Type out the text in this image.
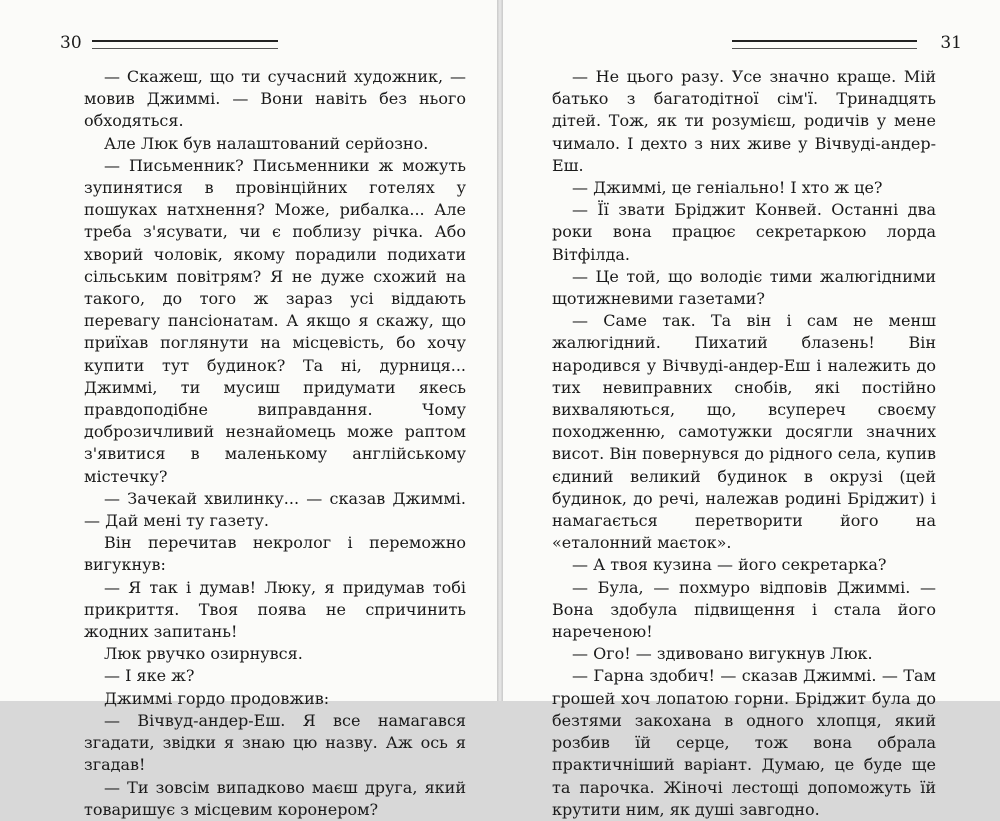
30

— Скажеш, що ти сучасний художник, — мовив Джиммі. — Вони навіть без нього обходяться.

Але Люк був налаштований серйозно.

— Письменник? Письменники ж можуть зупинятися в провінційних готелях у пошуках натхнення? Може, рибалка... Але треба з'ясувати, чи є поблизу річка. Або хворий чоловік, якому порадили подихати сільським повітрям? Я не дуже схожий на такого, до того ж зараз усі віддають перевагу пансіонатам. А якщо я скажу, що приїхав поглянути на місцевість, бо хочу купити тут будинок? Та ні, дурниця... Джиммі, ти мусиш придумати якесь правдоподібне виправдання. Чому доброзичливий незнайомець може раптом з'явитися в маленькому англійському містечку?

— Зачекай хвилинку... — сказав Джиммі. — Дай мені ту газету.

Він перечитав некролог і переможно вигукнув:

— Я так і думав! Люку, я придумав тобі прикриття. Твоя поява не спричинить жодних запитань!

Люк рвучко озирнувся.

— І яке ж?

Джиммі гордо продовжив:

— Вічвуд-андер-Еш. Я все намагався згадати, звідки я знаю цю назву. Аж ось я згадав!

— Ти зовсім випадково маєш друга, який товаришує з місцевим коронером?

31

— Не цього разу. Усе значно краще. Мій батько з багатодітної сім'ї. Тринадцять дітей. Тож, як ти розумієш, родичів у мене чимало. І дехто з них живе у Вічвуді-андер-Еш.

— Джиммі, це геніально! І хто ж це?

— Її звати Бріджит Конвей. Останні два роки вона працює секретаркою лорда Вітфілда.

— Це той, що володіє тими жалюгідними щотижневими газетами?

— Саме так. Та він і сам не менш жалюгідний. Пихатий блазень! Він народився у Вічвуді-андер-Еш і належить до тих невиправних снобів, які постійно вихваляються, що, всупереч своєму походженню, самотужки досягли значних висот. Він повернувся до рідного села, купив єдиний великий будинок в окрузі (цей будинок, до речі, належав родині Бріджит) і намагається перетворити його на «еталонний маєток».

— А твоя кузина — його секретарка?

— Була, — похмуро відповів Джиммі. — Вона здобула підвищення і стала його нареченою!

— Ого! — здивовано вигукнув Люк.

— Гарна здобич! — сказав Джиммі. — Там грошей хоч лопатою горни. Бріджит була до безтями закохана в одного хлопця, який розбив їй серце, тож вона обрала практичніший варіант. Думаю, це буде ще та парочка. Жіночі лестощі допоможуть їй крутити ним, як душі завгодно.
